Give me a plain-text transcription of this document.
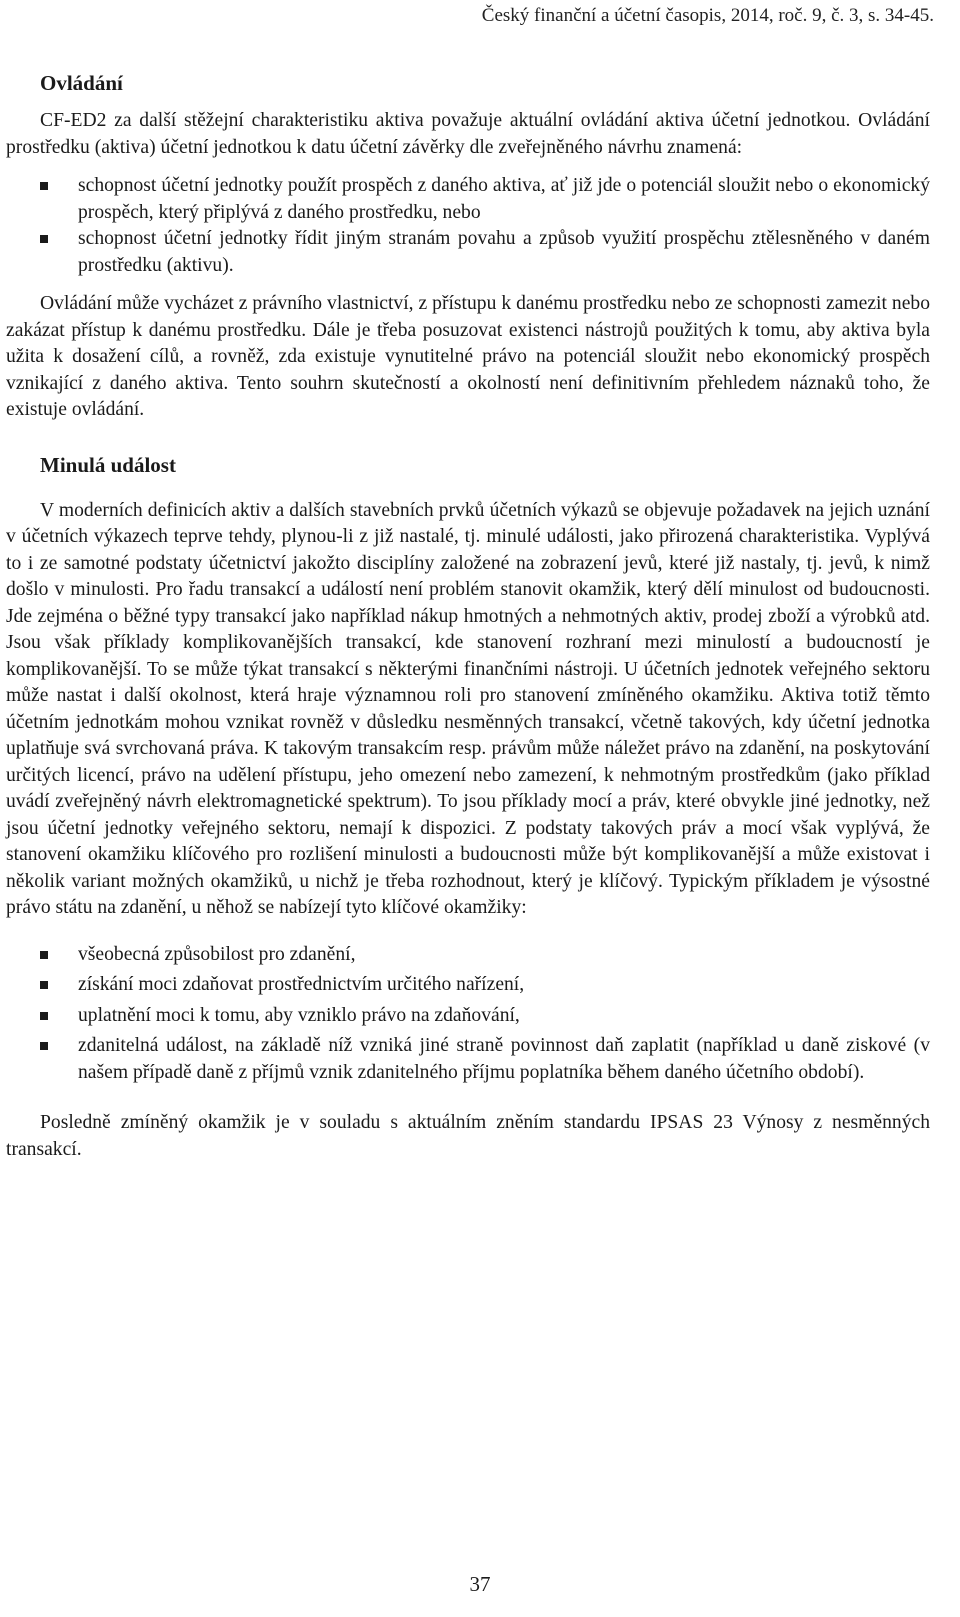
Český finanční a účetní časopis, 2014, roč. 9, č. 3, s. 34-45.
Ovládání

CF-ED2 za další stěžejní charakteristiku aktiva považuje aktuální ovládání aktiva účetní jednotkou. Ovládání prostředku (aktiva) účetní jednotkou k datu účetní závěrky dle zveřejněného návrhu znamená:

schopnost účetní jednotky použít prospěch z daného aktiva, ať již jde o potenciál sloužit nebo o ekonomický prospěch, který připlývá z daného prostředku, nebo
schopnost účetní jednotky řídit jiným stranám povahu a způsob využití prospěchu ztělesněného v daném prostředku (aktivu).

Ovládání může vycházet z právního vlastnictví, z přístupu k danému prostředku nebo ze schopnosti zamezit nebo zakázat přístup k danému prostředku. Dále je třeba posuzovat existenci nástrojů použitých k tomu, aby aktiva byla užita k dosažení cílů, a rovněž, zda existuje vynutitelné právo na potenciál sloužit nebo ekonomický prospěch vznikající z daného aktiva. Tento souhrn skutečností a okolností není definitivním přehledem náznaků toho, že existuje ovládání.

Minulá událost

V moderních definicích aktiv a dalších stavebních prvků účetních výkazů se objevuje požadavek na jejich uznání v účetních výkazech teprve tehdy, plynou-li z již nastalé, tj. minulé události, jako přirozená charakteristika. Vyplývá to i ze samotné podstaty účetnictví jakožto disciplíny založené na zobrazení jevů, které již nastaly, tj. jevů, k nimž došlo v minulosti. Pro řadu transakcí a událostí není problém stanovit okamžik, který dělí minulost od budoucnosti. Jde zejména o běžné typy transakcí jako například nákup hmotných a nehmotných aktiv, prodej zboží a výrobků atd. Jsou však příklady komplikovanějších transakcí, kde stanovení rozhraní mezi minulostí a budoucností je komplikovanější. To se může týkat transakcí s některými finančními nástroji. U účetních jednotek veřejného sektoru může nastat i další okolnost, která hraje významnou roli pro stanovení zmíněného okamžiku. Aktiva totiž těmto účetním jednotkám mohou vznikat rovněž v důsledku nesměnných transakcí, včetně takových, kdy účetní jednotka uplatňuje svá svrchovaná práva. K takovým transakcím resp. právům může náležet právo na zdanění, na poskytování určitých licencí, právo na udělení přístupu, jeho omezení nebo zamezení, k nehmotným prostředkům (jako příklad uvádí zveřejněný návrh elektromagnetické spektrum). To jsou příklady mocí a práv, které obvykle jiné jednotky, než jsou účetní jednotky veřejného sektoru, nemají k dispozici. Z podstaty takových práv a mocí však vyplývá, že stanovení okamžiku klíčového pro rozlišení minulosti a budoucnosti může být komplikovanější a může existovat i několik variant možných okamžiků, u nichž je třeba rozhodnout, který je klíčový. Typickým příkladem je výsostné právo státu na zdanění, u něhož se nabízejí tyto klíčové okamžiky:

všeobecná způsobilost pro zdanění,
získání moci zdaňovat prostřednictvím určitého nařízení,
uplatnění moci k tomu, aby vzniklo právo na zdaňování,
zdanitelná událost, na základě níž vzniká jiné straně povinnost daň zaplatit (například u daně ziskové (v našem případě daně z příjmů vznik zdanitelného příjmu poplatníka během daného účetního období).

Posledně zmíněný okamžik je v souladu s aktuálním zněním standardu IPSAS 23 Výnosy z nesměnných transakcí.

37
